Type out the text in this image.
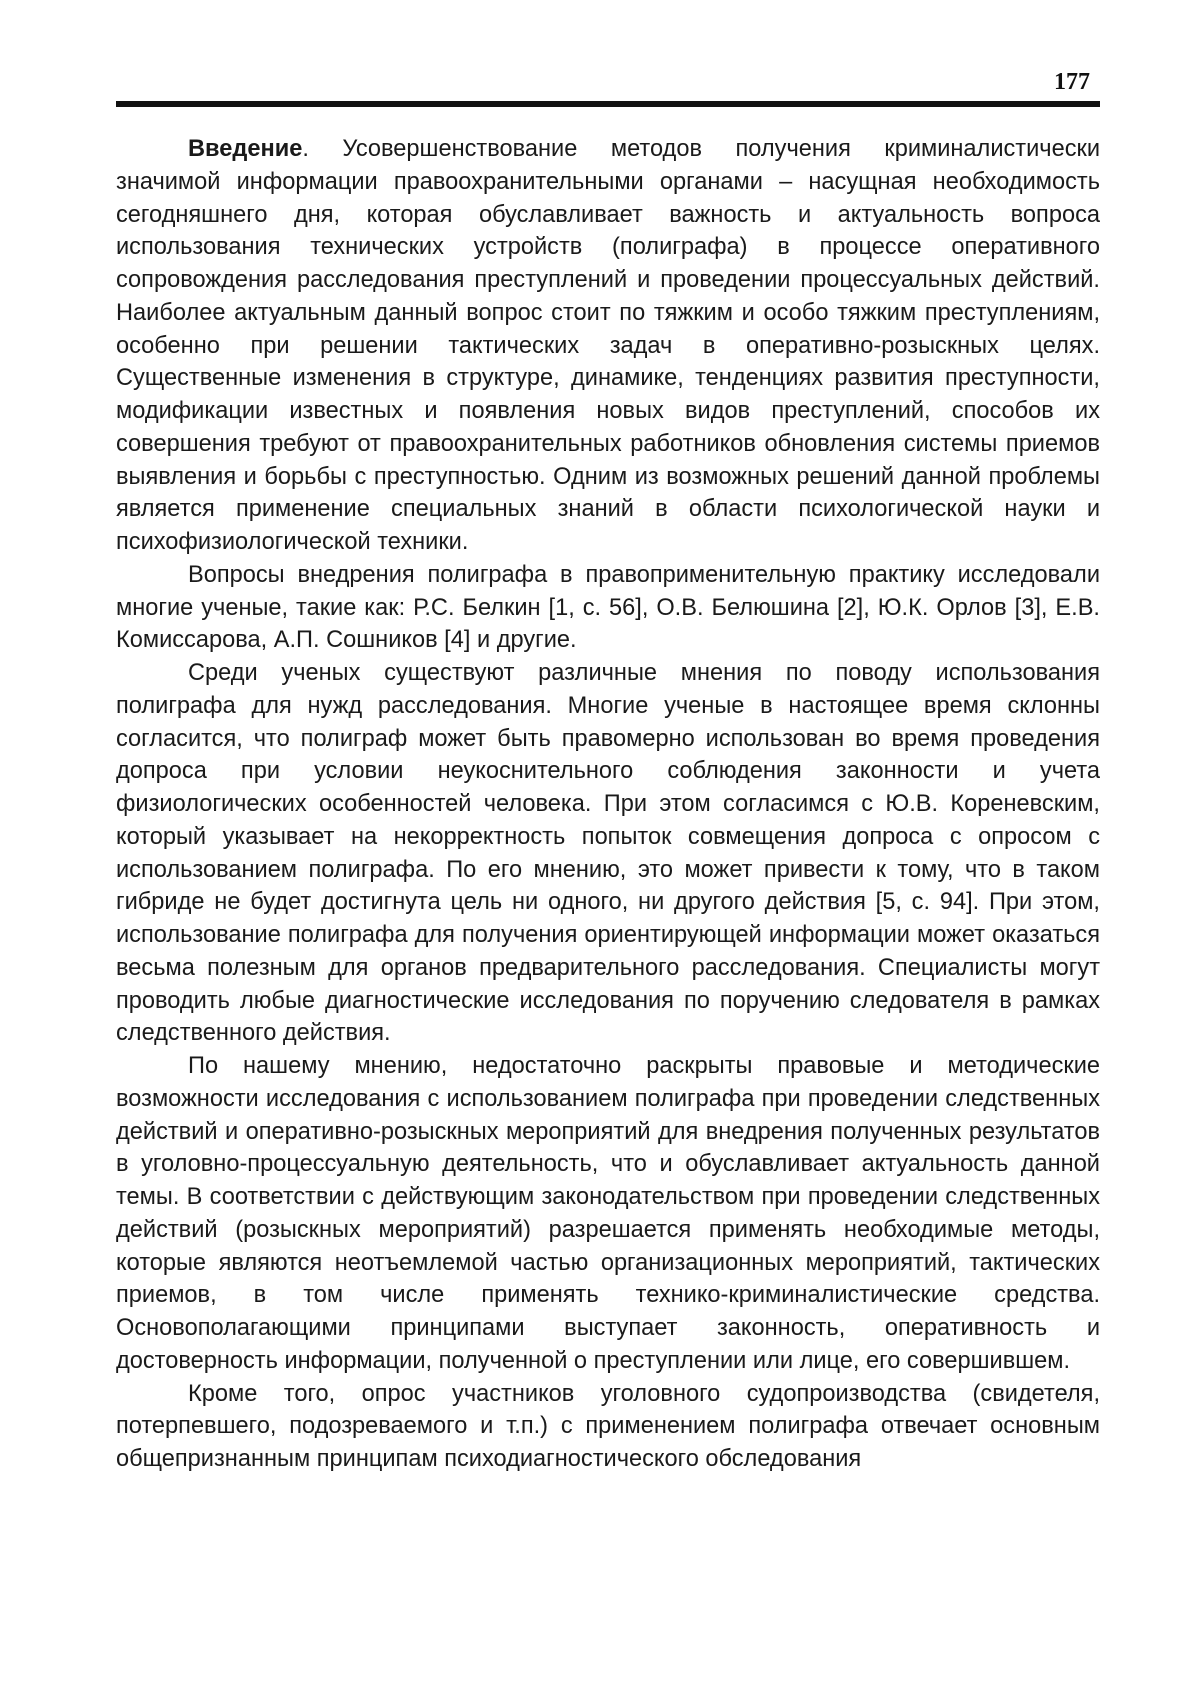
177

Введение. Усовершенствование методов получения криминалистически значимой информации правоохранительными органами – насущная необходимость сегодняшнего дня, которая обуславливает важность и актуальность вопроса использования технических устройств (полиграфа) в процессе оперативного сопровождения расследования преступлений и проведении процессуальных действий. Наиболее актуальным данный вопрос стоит по тяжким и особо тяжким преступлениям, особенно при решении тактических задач в оперативно-розыскных целях. Существенные изменения в структуре, динамике, тенденциях развития преступности, модификации известных и появления новых видов преступлений, способов их совершения требуют от правоохранительных работников обновления системы приемов выявления и борьбы с преступностью. Одним из возможных решений данной проблемы является применение специальных знаний в области психологической науки и психофизиологической техники.

Вопросы внедрения полиграфа в правоприменительную практику исследовали многие ученые, такие как: Р.С. Белкин [1, с. 56], О.В. Белюшина [2], Ю.К. Орлов [3], Е.В. Комиссарова, А.П. Сошников [4] и другие.

Среди ученых существуют различные мнения по поводу использования полиграфа для нужд расследования. Многие ученые в настоящее время склонны согласится, что полиграф может быть правомерно использован во время проведения допроса при условии неукоснительного соблюдения законности и учета физиологических особенностей человека. При этом согласимся с Ю.В. Кореневским, который указывает на некорректность попыток совмещения допроса с опросом с использованием полиграфа. По его мнению, это может привести к тому, что в таком гибриде не будет достигнута цель ни одного, ни другого действия [5, с. 94]. При этом, использование полиграфа для получения ориентирующей информации может оказаться весьма полезным для органов предварительного расследования. Специалисты могут проводить любые диагностические исследования по поручению следователя в рамках следственного действия.

По нашему мнению, недостаточно раскрыты правовые и методические возможности исследования с использованием полиграфа при проведении следственных действий и оперативно-розыскных мероприятий для внедрения полученных результатов в уголовно-процессуальную деятельность, что и обуславливает актуальность данной темы. В соответствии с действующим законодательством при проведении следственных действий (розыскных мероприятий) разрешается применять необходимые методы, которые являются неотъемлемой частью организационных мероприятий, тактических приемов, в том числе применять технико-криминалистические средства. Основополагающими принципами выступает законность, оперативность и достоверность информации, полученной о преступлении или лице, его совершившем.

Кроме того, опрос участников уголовного судопроизводства (свидетеля, потерпевшего, подозреваемого и т.п.) с применением полиграфа отвечает основным общепризнанным принципам психодиагностического обследования
